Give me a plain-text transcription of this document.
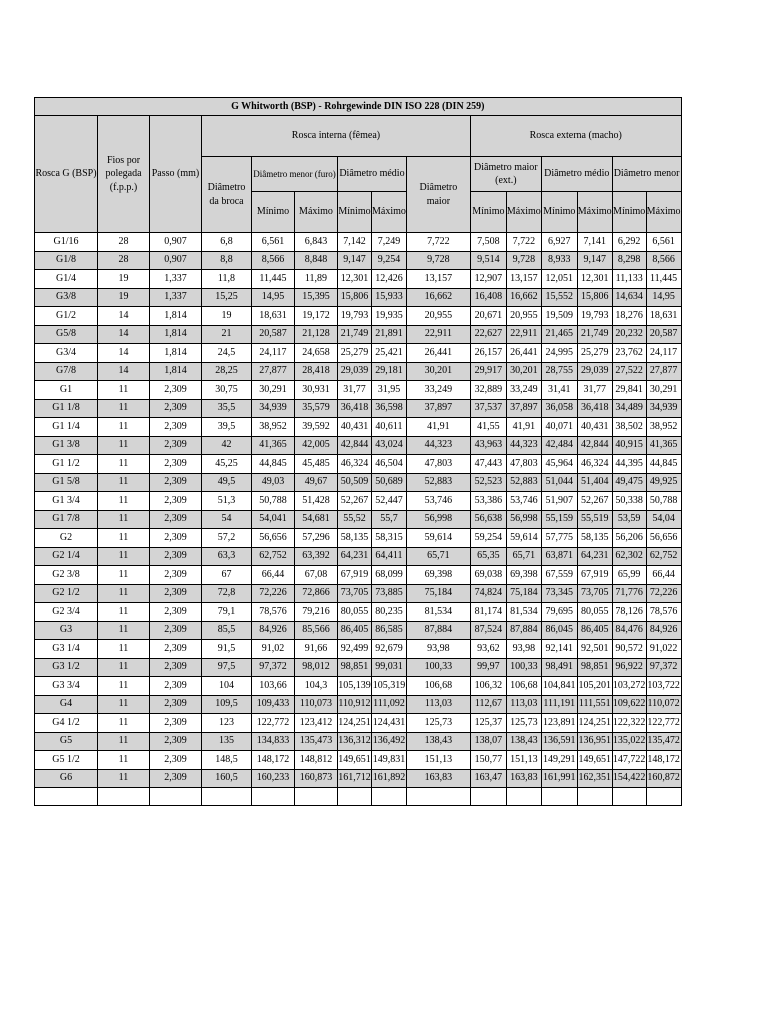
G Whitworth (BSP) - Rohrgewinde DIN ISO 228 (DIN 259)														
Rosca G (BSP)	Fios por polegada (f.p.p.)	Passo (mm)	Rosca interna (fêmea)						Rosca externa (macho)					
			Diâmetro da broca	Diâmetro menor (furo)		Diâmetro médio		Diâmetro maior	Diâmetro maior (ext.)		Diâmetro médio		Diâmetro menor	
				Mínimo	Máximo	Mínimo	Máximo		Mínimo	Máximo	Mínimo	Máximo	Mínimo	Máximo
G1/16	28	0,907	6,8	6,561	6,843	7,142	7,249	7,722	7,508	7,722	6,927	7,141	6,292	6,561
G1/8	28	0,907	8,8	8,566	8,848	9,147	9,254	9,728	9,514	9,728	8,933	9,147	8,298	8,566
G1/4	19	1,337	11,8	11,445	11,89	12,301	12,426	13,157	12,907	13,157	12,051	12,301	11,133	11,445
G3/8	19	1,337	15,25	14,95	15,395	15,806	15,933	16,662	16,408	16,662	15,552	15,806	14,634	14,95
G1/2	14	1,814	19	18,631	19,172	19,793	19,935	20,955	20,671	20,955	19,509	19,793	18,276	18,631
G5/8	14	1,814	21	20,587	21,128	21,749	21,891	22,911	22,627	22,911	21,465	21,749	20,232	20,587
G3/4	14	1,814	24,5	24,117	24,658	25,279	25,421	26,441	26,157	26,441	24,995	25,279	23,762	24,117
G7/8	14	1,814	28,25	27,877	28,418	29,039	29,181	30,201	29,917	30,201	28,755	29,039	27,522	27,877
G1	11	2,309	30,75	30,291	30,931	31,77	31,95	33,249	32,889	33,249	31,41	31,77	29,841	30,291
G1 1/8	11	2,309	35,5	34,939	35,579	36,418	36,598	37,897	37,537	37,897	36,058	36,418	34,489	34,939
G1 1/4	11	2,309	39,5	38,952	39,592	40,431	40,611	41,91	41,55	41,91	40,071	40,431	38,502	38,952
G1 3/8	11	2,309	42	41,365	42,005	42,844	43,024	44,323	43,963	44,323	42,484	42,844	40,915	41,365
G1 1/2	11	2,309	45,25	44,845	45,485	46,324	46,504	47,803	47,443	47,803	45,964	46,324	44,395	44,845
G1 5/8	11	2,309	49,5	49,03	49,67	50,509	50,689	52,883	52,523	52,883	51,044	51,404	49,475	49,925
G1 3/4	11	2,309	51,3	50,788	51,428	52,267	52,447	53,746	53,386	53,746	51,907	52,267	50,338	50,788
G1 7/8	11	2,309	54	54,041	54,681	55,52	55,7	56,998	56,638	56,998	55,159	55,519	53,59	54,04
G2	11	2,309	57,2	56,656	57,296	58,135	58,315	59,614	59,254	59,614	57,775	58,135	56,206	56,656
G2 1/4	11	2,309	63,3	62,752	63,392	64,231	64,411	65,71	65,35	65,71	63,871	64,231	62,302	62,752
G2 3/8	11	2,309	67	66,44	67,08	67,919	68,099	69,398	69,038	69,398	67,559	67,919	65,99	66,44
G2 1/2	11	2,309	72,8	72,226	72,866	73,705	73,885	75,184	74,824	75,184	73,345	73,705	71,776	72,226
G2 3/4	11	2,309	79,1	78,576	79,216	80,055	80,235	81,534	81,174	81,534	79,695	80,055	78,126	78,576
G3	11	2,309	85,5	84,926	85,566	86,405	86,585	87,884	87,524	87,884	86,045	86,405	84,476	84,926
G3 1/4	11	2,309	91,5	91,02	91,66	92,499	92,679	93,98	93,62	93,98	92,141	92,501	90,572	91,022
G3 1/2	11	2,309	97,5	97,372	98,012	98,851	99,031	100,33	99,97	100,33	98,491	98,851	96,922	97,372
G3 3/4	11	2,309	104	103,66	104,3	105,139	105,319	106,68	106,32	106,68	104,841	105,201	103,272	103,722
G4	11	2,309	109,5	109,433	110,073	110,912	111,092	113,03	112,67	113,03	111,191	111,551	109,622	110,072
G4 1/2	11	2,309	123	122,772	123,412	124,251	124,431	125,73	125,37	125,73	123,891	124,251	122,322	122,772
G5	11	2,309	135	134,833	135,473	136,312	136,492	138,43	138,07	138,43	136,591	136,951	135,022	135,472
G5 1/2	11	2,309	148,5	148,172	148,812	149,651	149,831	151,13	150,77	151,13	149,291	149,651	147,722	148,172
G6	11	2,309	160,5	160,233	160,873	161,712	161,892	163,83	163,47	163,83	161,991	162,351	154,422	160,872
